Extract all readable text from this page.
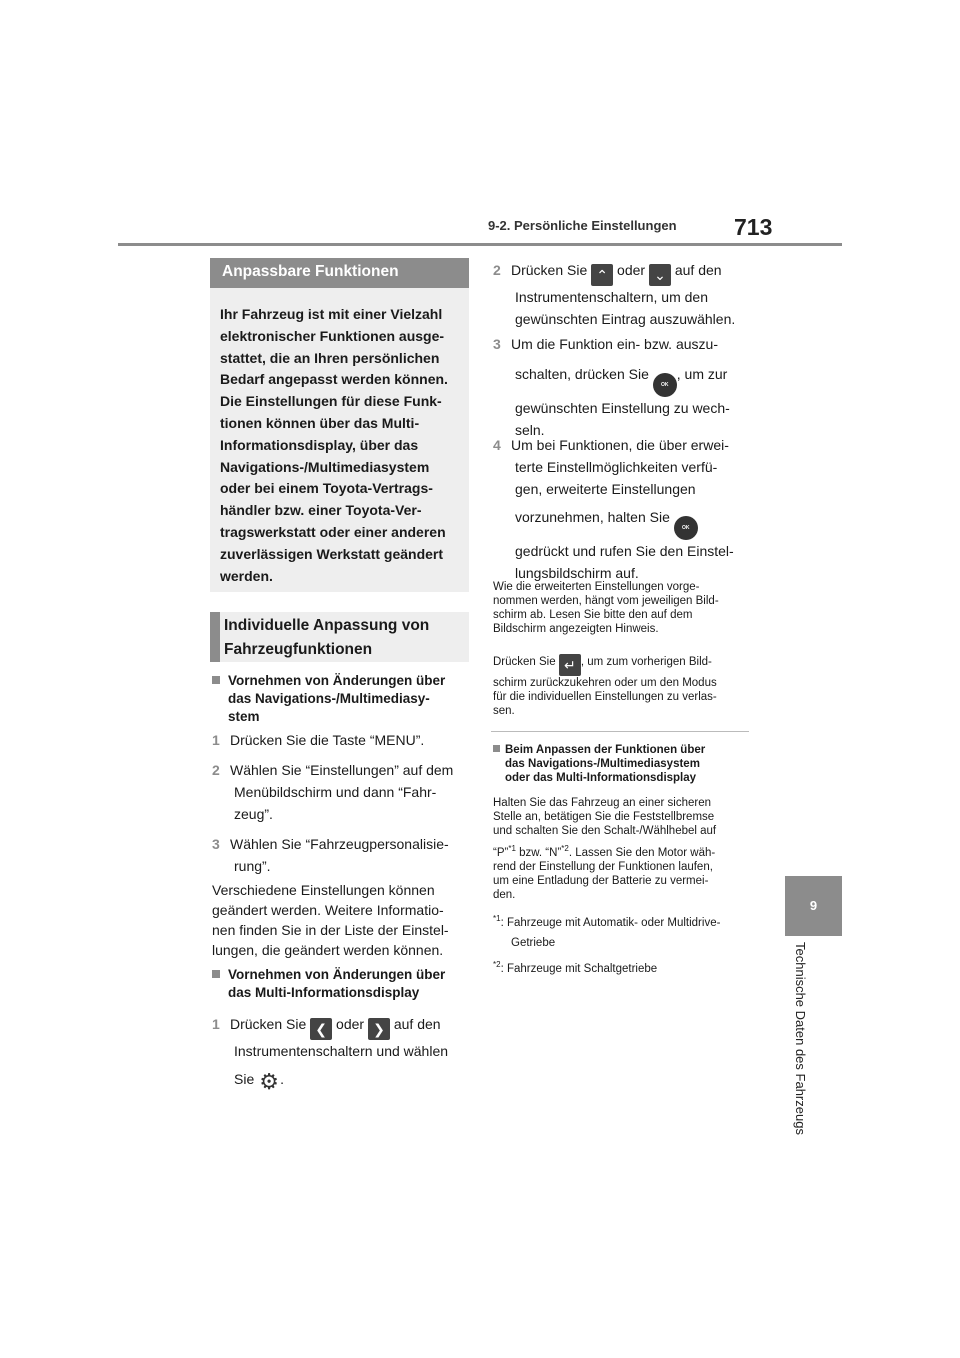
9-2. Persönliche Einstellungen 713
9
Technische Daten des Fahrzeugs
Anpassbare Funktionen
Ihr Fahrzeug ist mit einer Vielzahl
elektronischer Funktionen ausge-
stattet, die an Ihren persönlichen
Bedarf angepasst werden können.
Die Einstellungen für diese Funk-
tionen können über das Multi-
Informationsdisplay, über das
Navigations-/Multimediasystem
oder bei einem Toyota-Vertrags-
händler bzw. einer Toyota-Ver-
tragswerkstatt oder einer anderen
zuverlässigen Werkstatt geändert
werden.
Individuelle Anpassung von
Fahrzeugfunktionen
Vornehmen von Änderungen über
das Navigations-/Multimediasy-
stem
1 Drücken Sie die Taste “MENU”.
2 Wählen Sie “Einstellungen” auf dem
Menübildschirm und dann “Fahr-
zeug”.
3 Wählen Sie “Fahrzeugpersonalisie-
rung”.
Verschiedene Einstellungen können
geändert werden. Weitere Informatio-
nen finden Sie in der Liste der Einstel-
lungen, die geändert werden können.
Vornehmen von Änderungen über
das Multi-Informationsdisplay
1 Drücken Sie ❮ oder ❯ auf den
Instrumentenschaltern und wählen
Sie ⚙.
2 Drücken Sie ⌃ oder ⌄ auf den
Instrumentenschaltern, um den
gewünschten Eintrag auszuwählen.
3 Um die Funktion ein- bzw. auszu-
schalten, drücken Sie OK, um zur
gewünschten Einstellung zu wech-
seln.
4 Um bei Funktionen, die über erwei-
terte Einstellmöglichkeiten verfü-
gen, erweiterte Einstellungen
vorzunehmen, halten Sie OK
gedrückt und rufen Sie den Einstel-
lungsbildschirm auf.
Wie die erweiterten Einstellungen vorge-
nommen werden, hängt vom jeweiligen Bild-
schirm ab. Lesen Sie bitte den auf dem
Bildschirm angezeigten Hinweis.
Drücken Sie ↵ , um zum vorherigen Bild-
schirm zurückzukehren oder um den Modus
für die individuellen Einstellungen zu verlas-
sen.
Beim Anpassen der Funktionen über
das Navigations-/Multimediasystem
oder das Multi-Informationsdisplay
Halten Sie das Fahrzeug an einer sicheren
Stelle an, betätigen Sie die Feststellbremse
und schalten Sie den Schalt-/Wählhebel auf
“P”$^{*1}$ bzw. “N”$^{*2}$. Lassen Sie den Motor wäh-
rend der Einstellung der Funktionen laufen,
um eine Entladung der Batterie zu vermei-
den.
$^{*1}$: Fahrzeuge mit Automatik- oder Multidrive-
Getriebe
$^{*2}$: Fahrzeuge mit Schaltgetriebe
